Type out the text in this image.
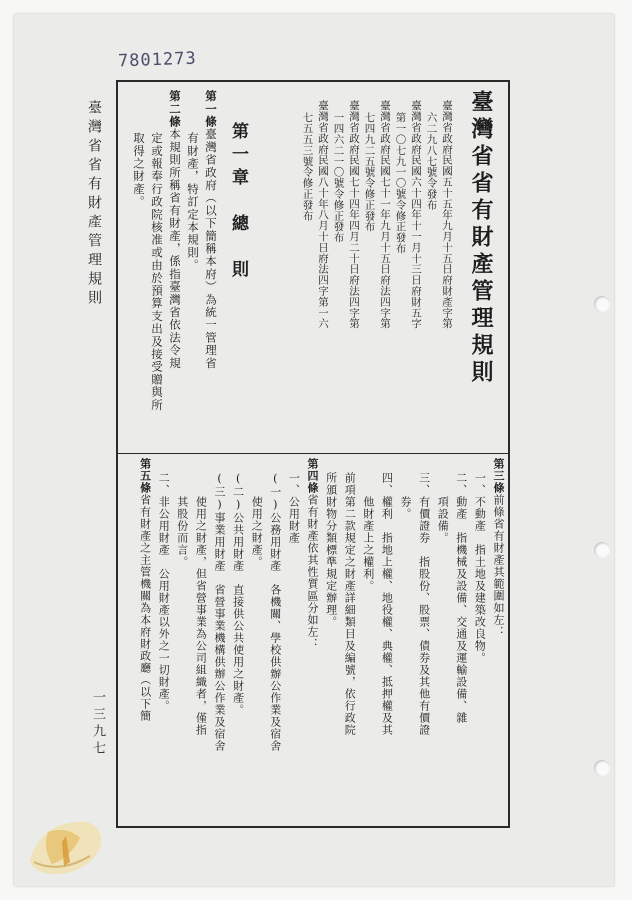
7801273
臺灣省省有財產管理規則
一三九七
臺灣省省有財產管理規則
臺灣省政府民國五十五年九月十五日府財產字第
六二九八七號令發布
臺灣省政府民國六十四年十一月十三日府財五字
第一〇七九一〇號令修正發布
臺灣省政府民國七十一年九月十五日府法四字第
七四九二五號令修正發布
臺灣省政府民國七十四年四月二十日府法四字第
一四六二一〇號令修正發布
臺灣省政府民國八十年八月十日府法四字第一六
七五五三號令修正發布
第一章　總　則
第一條臺灣省政府（以下簡稱本府）為統一管理省
有財產，特訂定本規則。
第二條本規則所稱省有財產，係指臺灣省依法令規
定或報奉行政院核准或由於預算支出及接受贈與所
取得之財產。
第三條前條省有財產其範圍如左：
一、不動產　指土地及建築改良物。
二、動產　指機械及設備、交通及運輸設備、雜
項設備。
三、有價證券　指股份、股票、債券及其他有價證
券。
四、權利　指地上權、地役權、典權、抵押權及其
他財產上之權利。
前項第二款規定之財產詳細類目及編號，依行政院
所頒財物分類標準規定辦理。
第四條省有財產依其性質區分如左：
一、公用財產
(一)公務用財產　各機關、學校供辦公作業及宿舍
使用之財產。
(二)公共用財產　直接供公共使用之財產。
(三)事業用財產　省營事業機構供辦公作業及宿舍
使用之財產，但省營事業為公司組織者，僅指
其股份而言。
二、非公用財產　公用財產以外之一切財產。
第五條省有財產之主管機關為本府財政廳（以下簡
